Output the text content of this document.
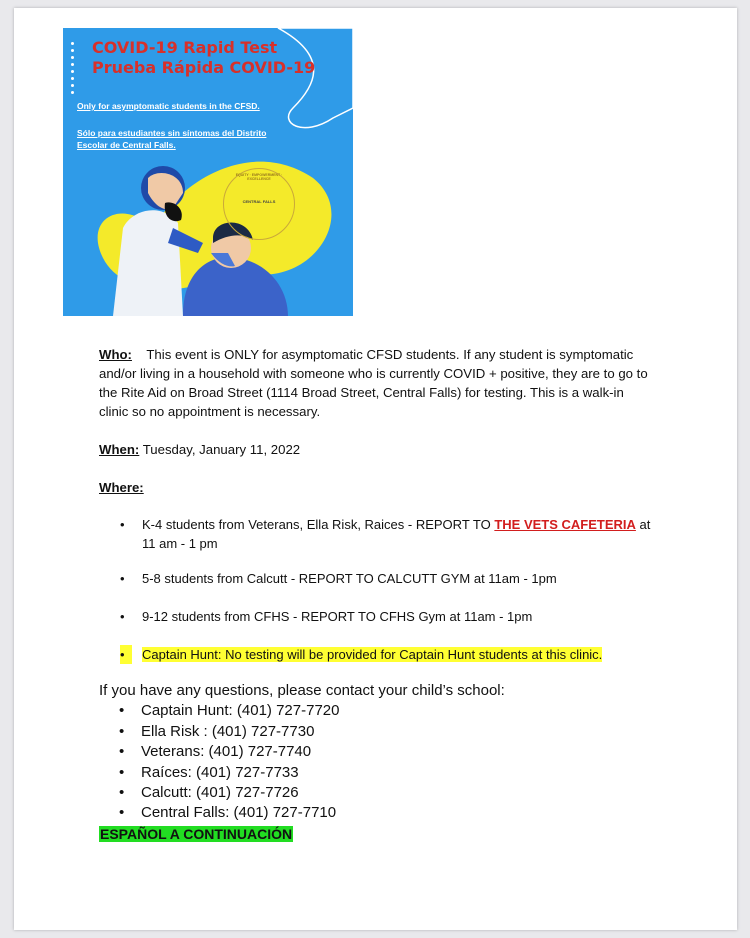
COVID-19 Rapid Test
Prueba Rápida COVID-19
Only for asymptomatic students in the CFSD.
Sólo para estudiantes sin síntomas del Distrito
Escolar de Central Falls.
CENTRAL FALLS
EQUITY · EMPOWERMENT · EXCELLENCE

Who: This event is ONLY for asymptomatic CFSD students. If any student is symptomatic and/or living in a household with someone who is currently COVID + positive, they are to go to the Rite Aid on Broad Street (1114 Broad Street, Central Falls) for testing. This is a walk-in clinic so no appointment is necessary.

When: Tuesday, January 11, 2022

Where:

• K-4 students from Veterans, Ella Risk, Raices - REPORT TO THE VETS CAFETERIA at 11 am - 1 pm
• 5-8 students from Calcutt - REPORT TO CALCUTT GYM at 11am - 1pm
• 9-12 students from CFHS - REPORT TO CFHS Gym at 11am - 1pm
• Captain Hunt: No testing will be provided for Captain Hunt students at this clinic.
If you have any questions, please contact your child’s school:
• Captain Hunt: (401) 727-7720
• Ella Risk : (401) 727-7730
• Veterans: (401) 727-7740
• Raíces: (401) 727-7733
• Calcutt: (401) 727-7726
• Central Falls: (401) 727-7710
ESPAÑOL A CONTINUACIÓN
